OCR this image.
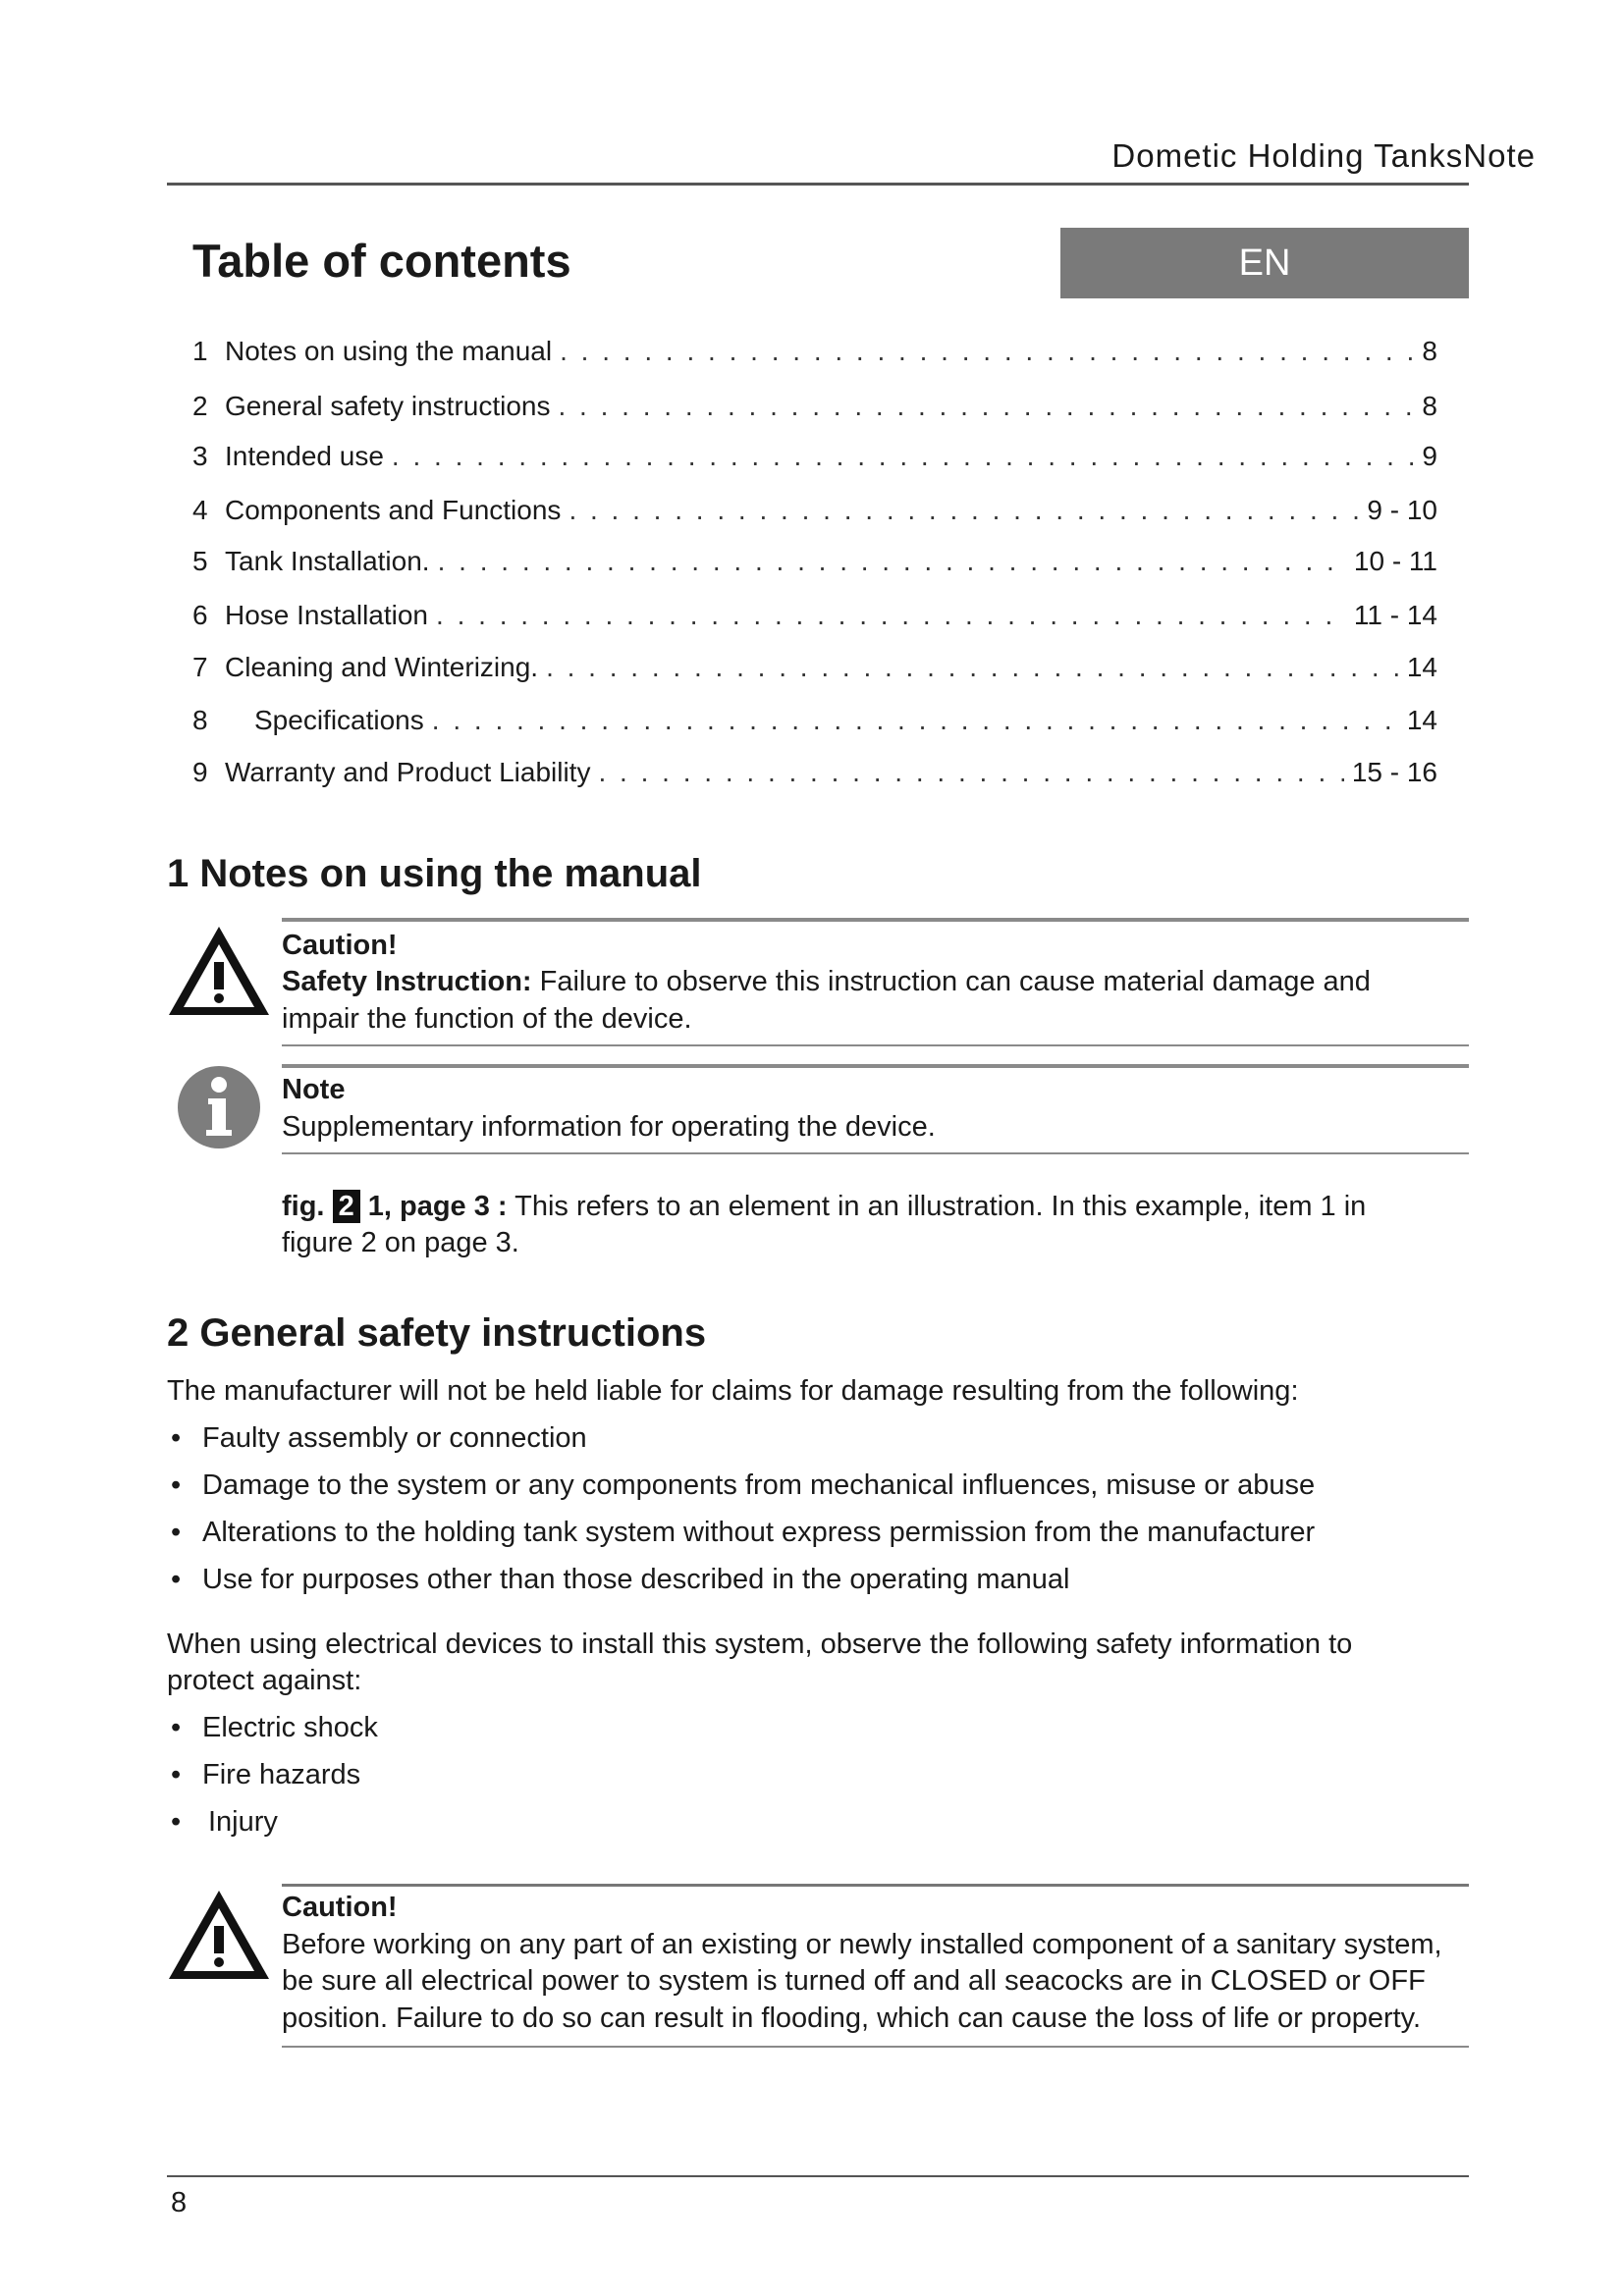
Dometic Holding TanksNote
Table of contents	EN
1 Notes on using the manual . . .	8
2 General safety instructions . . .	8
3 Intended use . . .	9
4 Components and Functions . . .	9 - 10
5 Tank Installation. . . .	10 - 11
6 Hose Installation . . .	11 - 14
7 Cleaning and Winterizing. . . .	14
8	Specifications . . .	14
9 Warranty and Product Liability . . .	15 - 16
1 Notes on using the manual
Caution!
Safety Instruction: Failure to observe this instruction can cause material damage and
impair the function of the device.
Note
Supplementary information for operating the device.
fig. 2 1, page 3 : This refers to an element in an illustration. In this example, item 1 in
figure 2 on page 3.
2 General safety instructions
The manufacturer will not be held liable for claims for damage resulting from the following:
• Faulty assembly or connection
• Damage to the system or any components from mechanical influences, misuse or abuse
• Alterations to the holding tank system without express permission from the manufacturer
• Use for purposes other than those described in the operating manual
When using electrical devices to install this system, observe the following safety information to
protect against:
• Electric shock
• Fire hazards
• Injury
Caution!
Before working on any part of an existing or newly installed component of a sanitary system,
be sure all electrical power to system is turned off and all seacocks are in CLOSED or OFF
position. Failure to do so can result in flooding, which can cause the loss of life or property.
8
